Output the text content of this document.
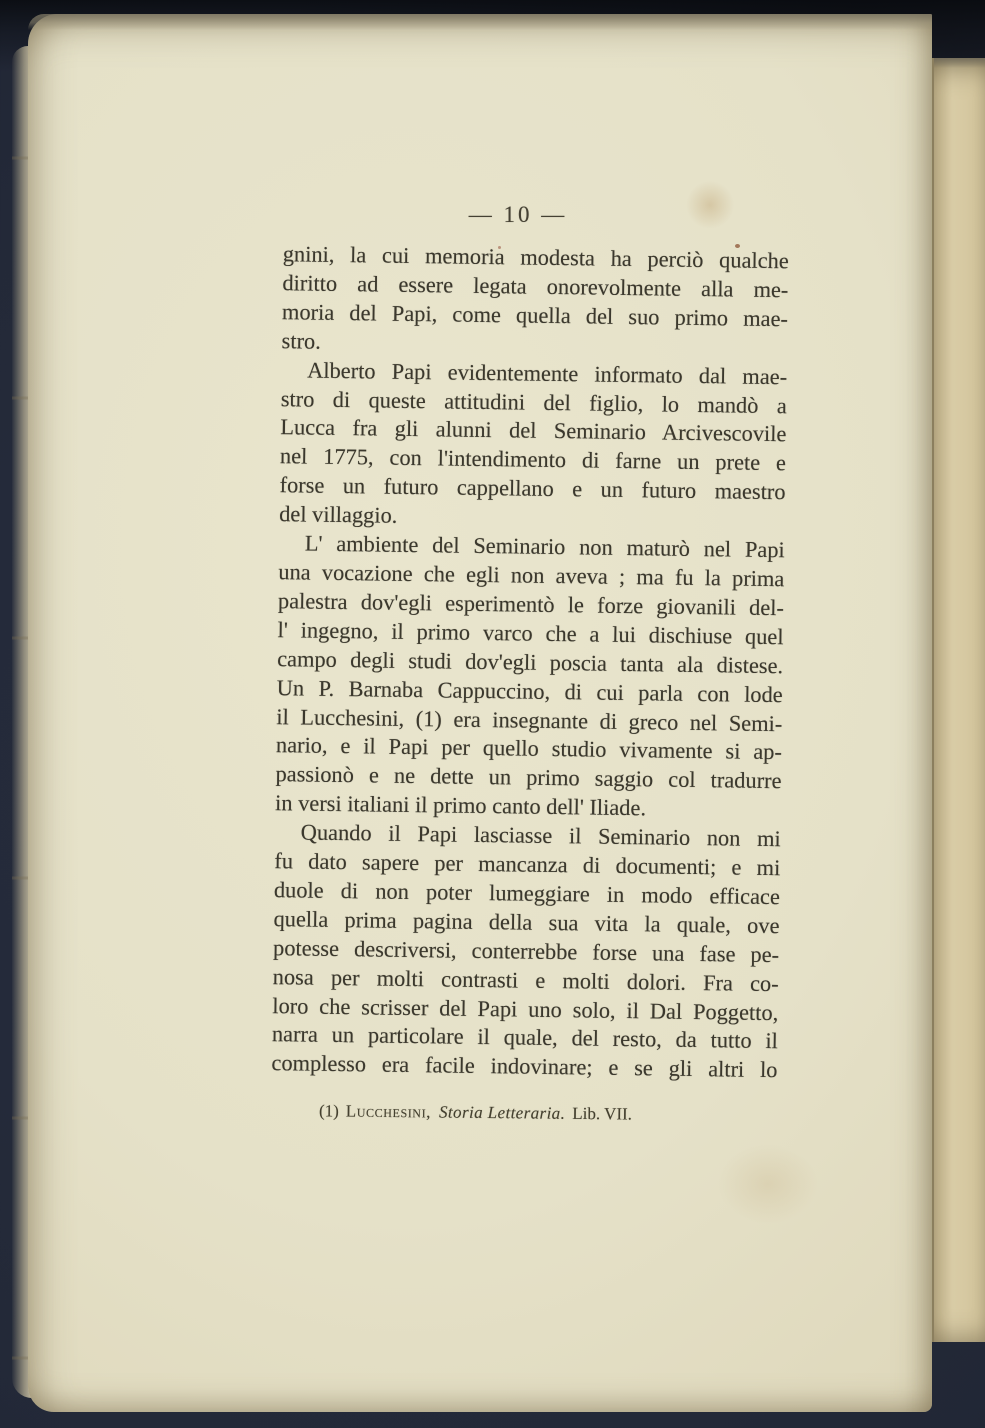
— 10 —
gnini, la cui memoria modesta ha perciò qualche
diritto ad essere legata onorevolmente alla me-
moria del Papi, come quella del suo primo mae-
stro.
Alberto Papi evidentemente informato dal mae-
stro di queste attitudini del figlio, lo mandò a
Lucca fra gli alunni del Seminario Arcivescovile
nel 1775, con l'intendimento di farne un prete e
forse un futuro cappellano e un futuro maestro
del villaggio.
L' ambiente del Seminario non maturò nel Papi
una vocazione che egli non aveva ; ma fu la prima
palestra dov'egli esperimentò le forze giovanili del-
l' ingegno, il primo varco che a lui dischiuse quel
campo degli studi dov'egli poscia tanta ala distese.
Un P. Barnaba Cappuccino, di cui parla con lode
il Lucchesini, (1) era insegnante di greco nel Semi-
nario, e il Papi per quello studio vivamente si ap-
passionò e ne dette un primo saggio col tradurre
in versi italiani il primo canto dell' Iliade.
Quando il Papi lasciasse il Seminario non mi
fu dato sapere per mancanza di documenti; e mi
duole di non poter lumeggiare in modo efficace
quella prima pagina della sua vita la quale, ove
potesse descriversi, conterrebbe forse una fase pe-
nosa per molti contrasti e molti dolori. Fra co-
loro che scrisser del Papi uno solo, il Dal Poggetto,
narra un particolare il quale, del resto, da tutto il
complesso era facile indovinare; e se gli altri lo
(1) Lucchesini, Storia Letteraria. Lib. VII.
